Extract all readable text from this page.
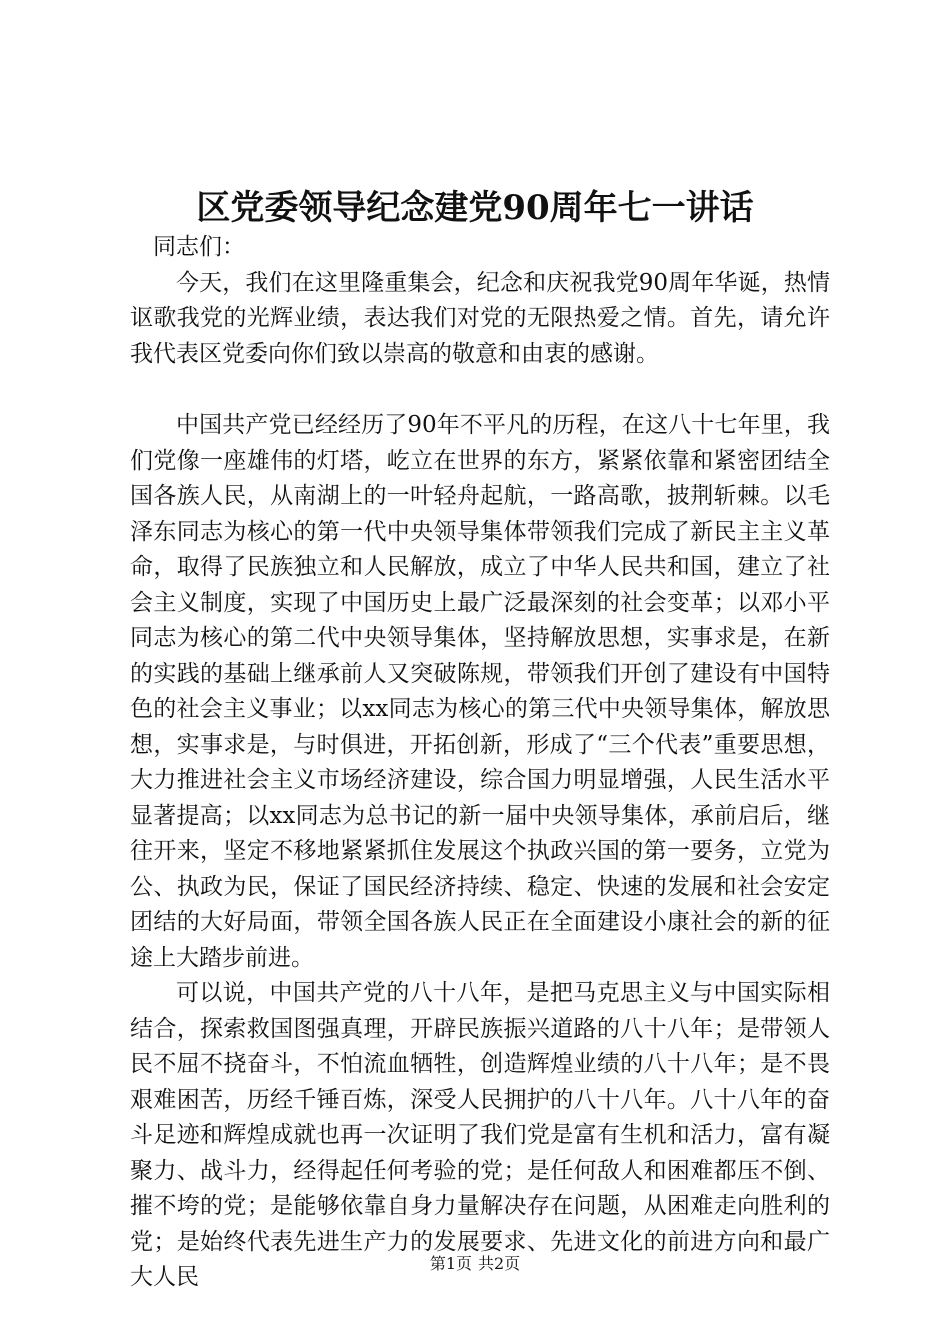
区党委领导纪念建党90周年七一讲话

同志们：

今天，我们在这里隆重集会，纪念和庆祝我党90周年华诞，热情讴歌我党的光辉业绩，表达我们对党的无限热爱之情。首先，请允许我代表区党委向你们致以崇高的敬意和由衷的感谢。

中国共产党已经经历了90年不平凡的历程，在这八十七年里，我们党像一座雄伟的灯塔，屹立在世界的东方，紧紧依靠和紧密团结全国各族人民，从南湖上的一叶轻舟起航，一路高歌，披荆斩棘。以毛泽东同志为核心的第一代中央领导集体带领我们完成了新民主主义革命，取得了民族独立和人民解放，成立了中华人民共和国，建立了社会主义制度，实现了中国历史上最广泛最深刻的社会变革；以邓小平同志为核心的第二代中央领导集体，坚持解放思想，实事求是，在新的实践的基础上继承前人又突破陈规，带领我们开创了建设有中国特色的社会主义事业；以xx同志为核心的第三代中央领导集体，解放思想，实事求是，与时俱进，开拓创新，形成了“三个代表”重要思想，大力推进社会主义市场经济建设，综合国力明显增强，人民生活水平显著提高；以xx同志为总书记的新一届中央领导集体，承前启后，继往开来，坚定不移地紧紧抓住发展这个执政兴国的第一要务，立党为公、执政为民，保证了国民经济持续、稳定、快速的发展和社会安定团结的大好局面，带领全国各族人民正在全面建设小康社会的新的征途上大踏步前进。

可以说，中国共产党的八十八年，是把马克思主义与中国实际相结合，探索救国图强真理，开辟民族振兴道路的八十八年；是带领人民不屈不挠奋斗，不怕流血牺牲，创造辉煌业绩的八十八年；是不畏艰难困苦，历经千锤百炼，深受人民拥护的八十八年。八十八年的奋斗足迹和辉煌成就也再一次证明了我们党是富有生机和活力，富有凝聚力、战斗力，经得起任何考验的党；是任何敌人和困难都压不倒、摧不垮的党；是能够依靠自身力量解决存在问题，从困难走向胜利的党；是始终代表先进生产力的发展要求、先进文化的前进方向和最广大人民

第1页 共2页
